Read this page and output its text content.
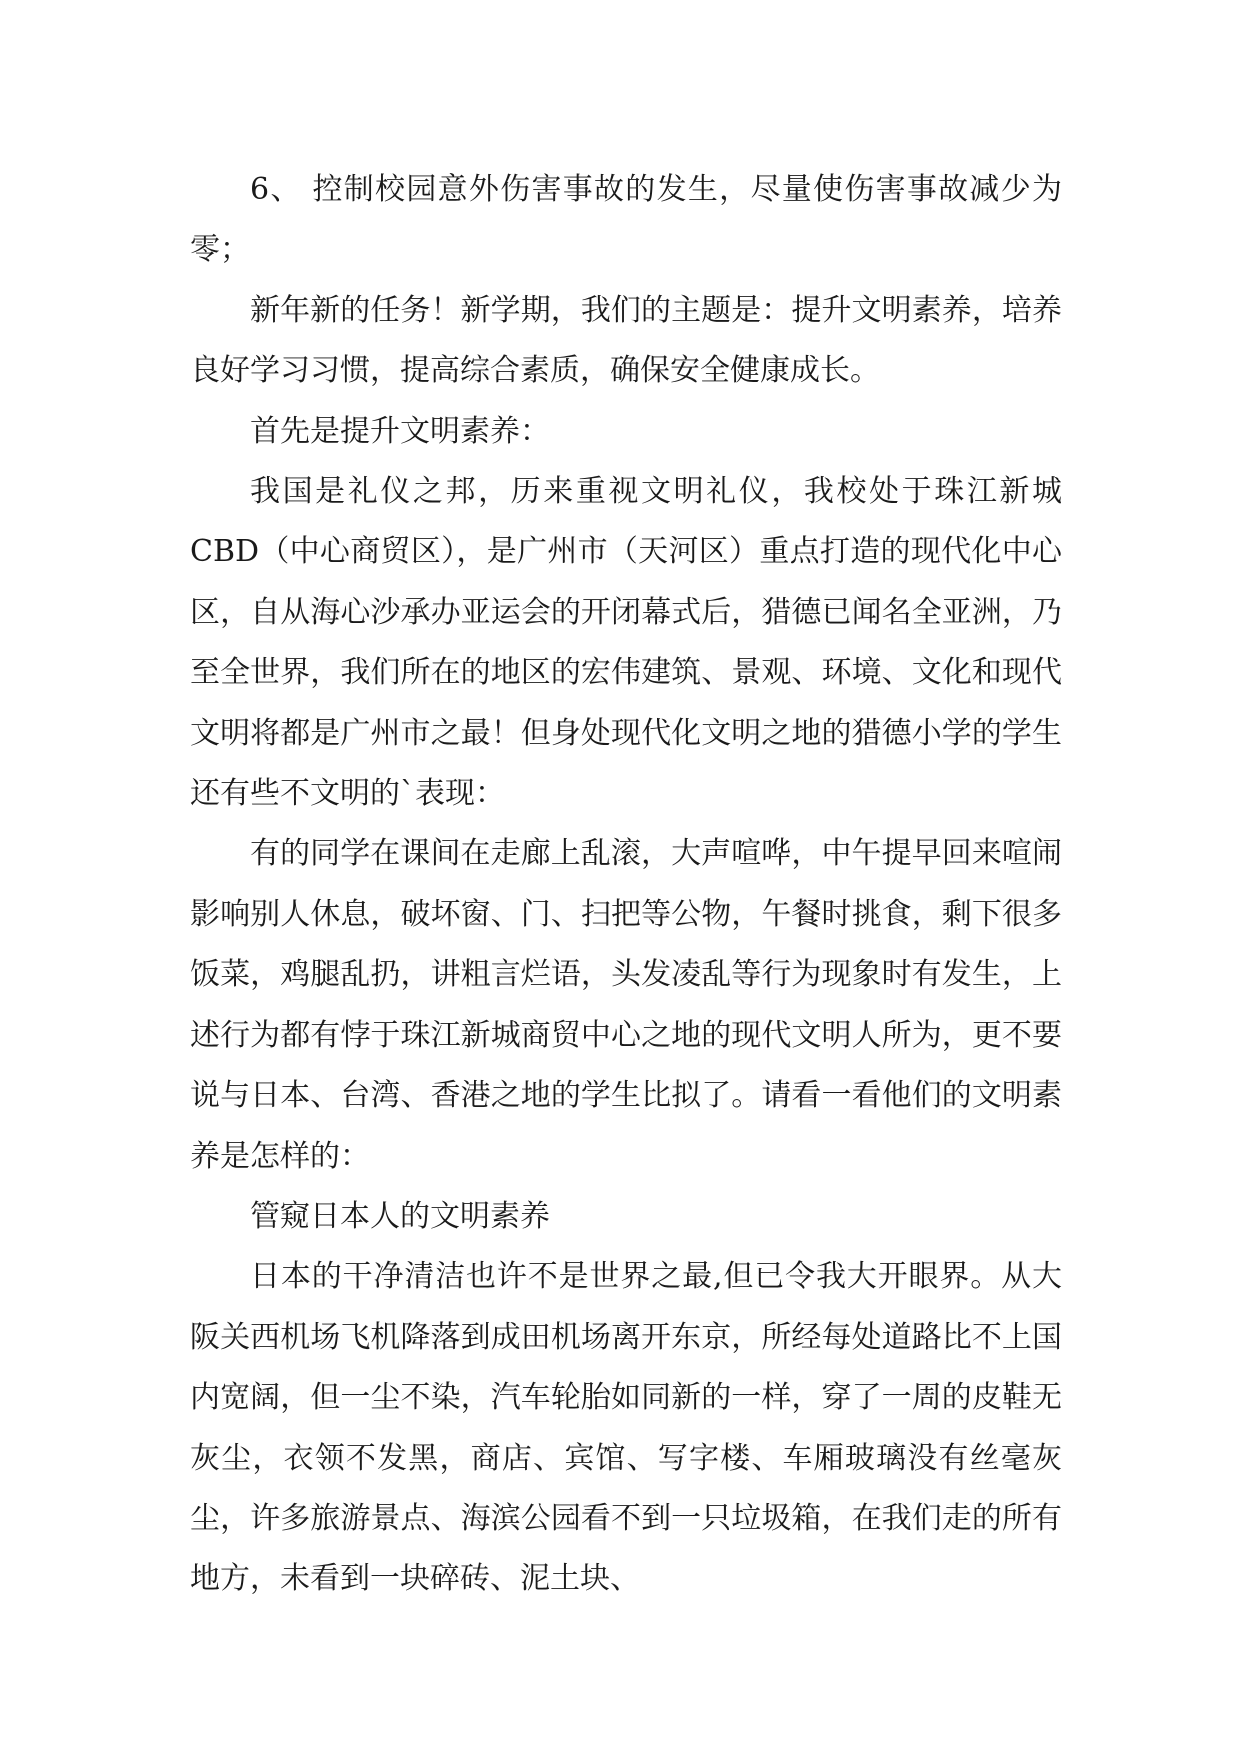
6、 控制校园意外伤害事故的发生，尽量使伤害事故减少为零；

新年新的任务！新学期，我们的主题是：提升文明素养，培养良好学习习惯，提高综合素质，确保安全健康成长。

首先是提升文明素养：

我国是礼仪之邦，历来重视文明礼仪，我校处于珠江新城CBD（中心商贸区），是广州市（天河区）重点打造的现代化中心区，自从海心沙承办亚运会的开闭幕式后，猎德已闻名全亚洲，乃至全世界，我们所在的地区的宏伟建筑、景观、环境、文化和现代文明将都是广州市之最！但身处现代化文明之地的猎德小学的学生还有些不文明的`表现：

有的同学在课间在走廊上乱滚，大声喧哗，中午提早回来喧闹影响别人休息，破坏窗、门、扫把等公物，午餐时挑食，剩下很多饭菜，鸡腿乱扔，讲粗言烂语，头发凌乱等行为现象时有发生，上述行为都有悖于珠江新城商贸中心之地的现代文明人所为，更不要说与日本、台湾、香港之地的学生比拟了。请看一看他们的文明素养是怎样的：

管窥日本人的文明素养

日本的干净清洁也许不是世界之最,但已令我大开眼界。从大阪关西机场飞机降落到成田机场离开东京，所经每处道路比不上国内宽阔，但一尘不染，汽车轮胎如同新的一样，穿了一周的皮鞋无灰尘，衣领不发黑，商店、宾馆、写字楼、车厢玻璃没有丝毫灰尘，许多旅游景点、海滨公园看不到一只垃圾箱，在我们走的所有地方，未看到一块碎砖、泥土块、
